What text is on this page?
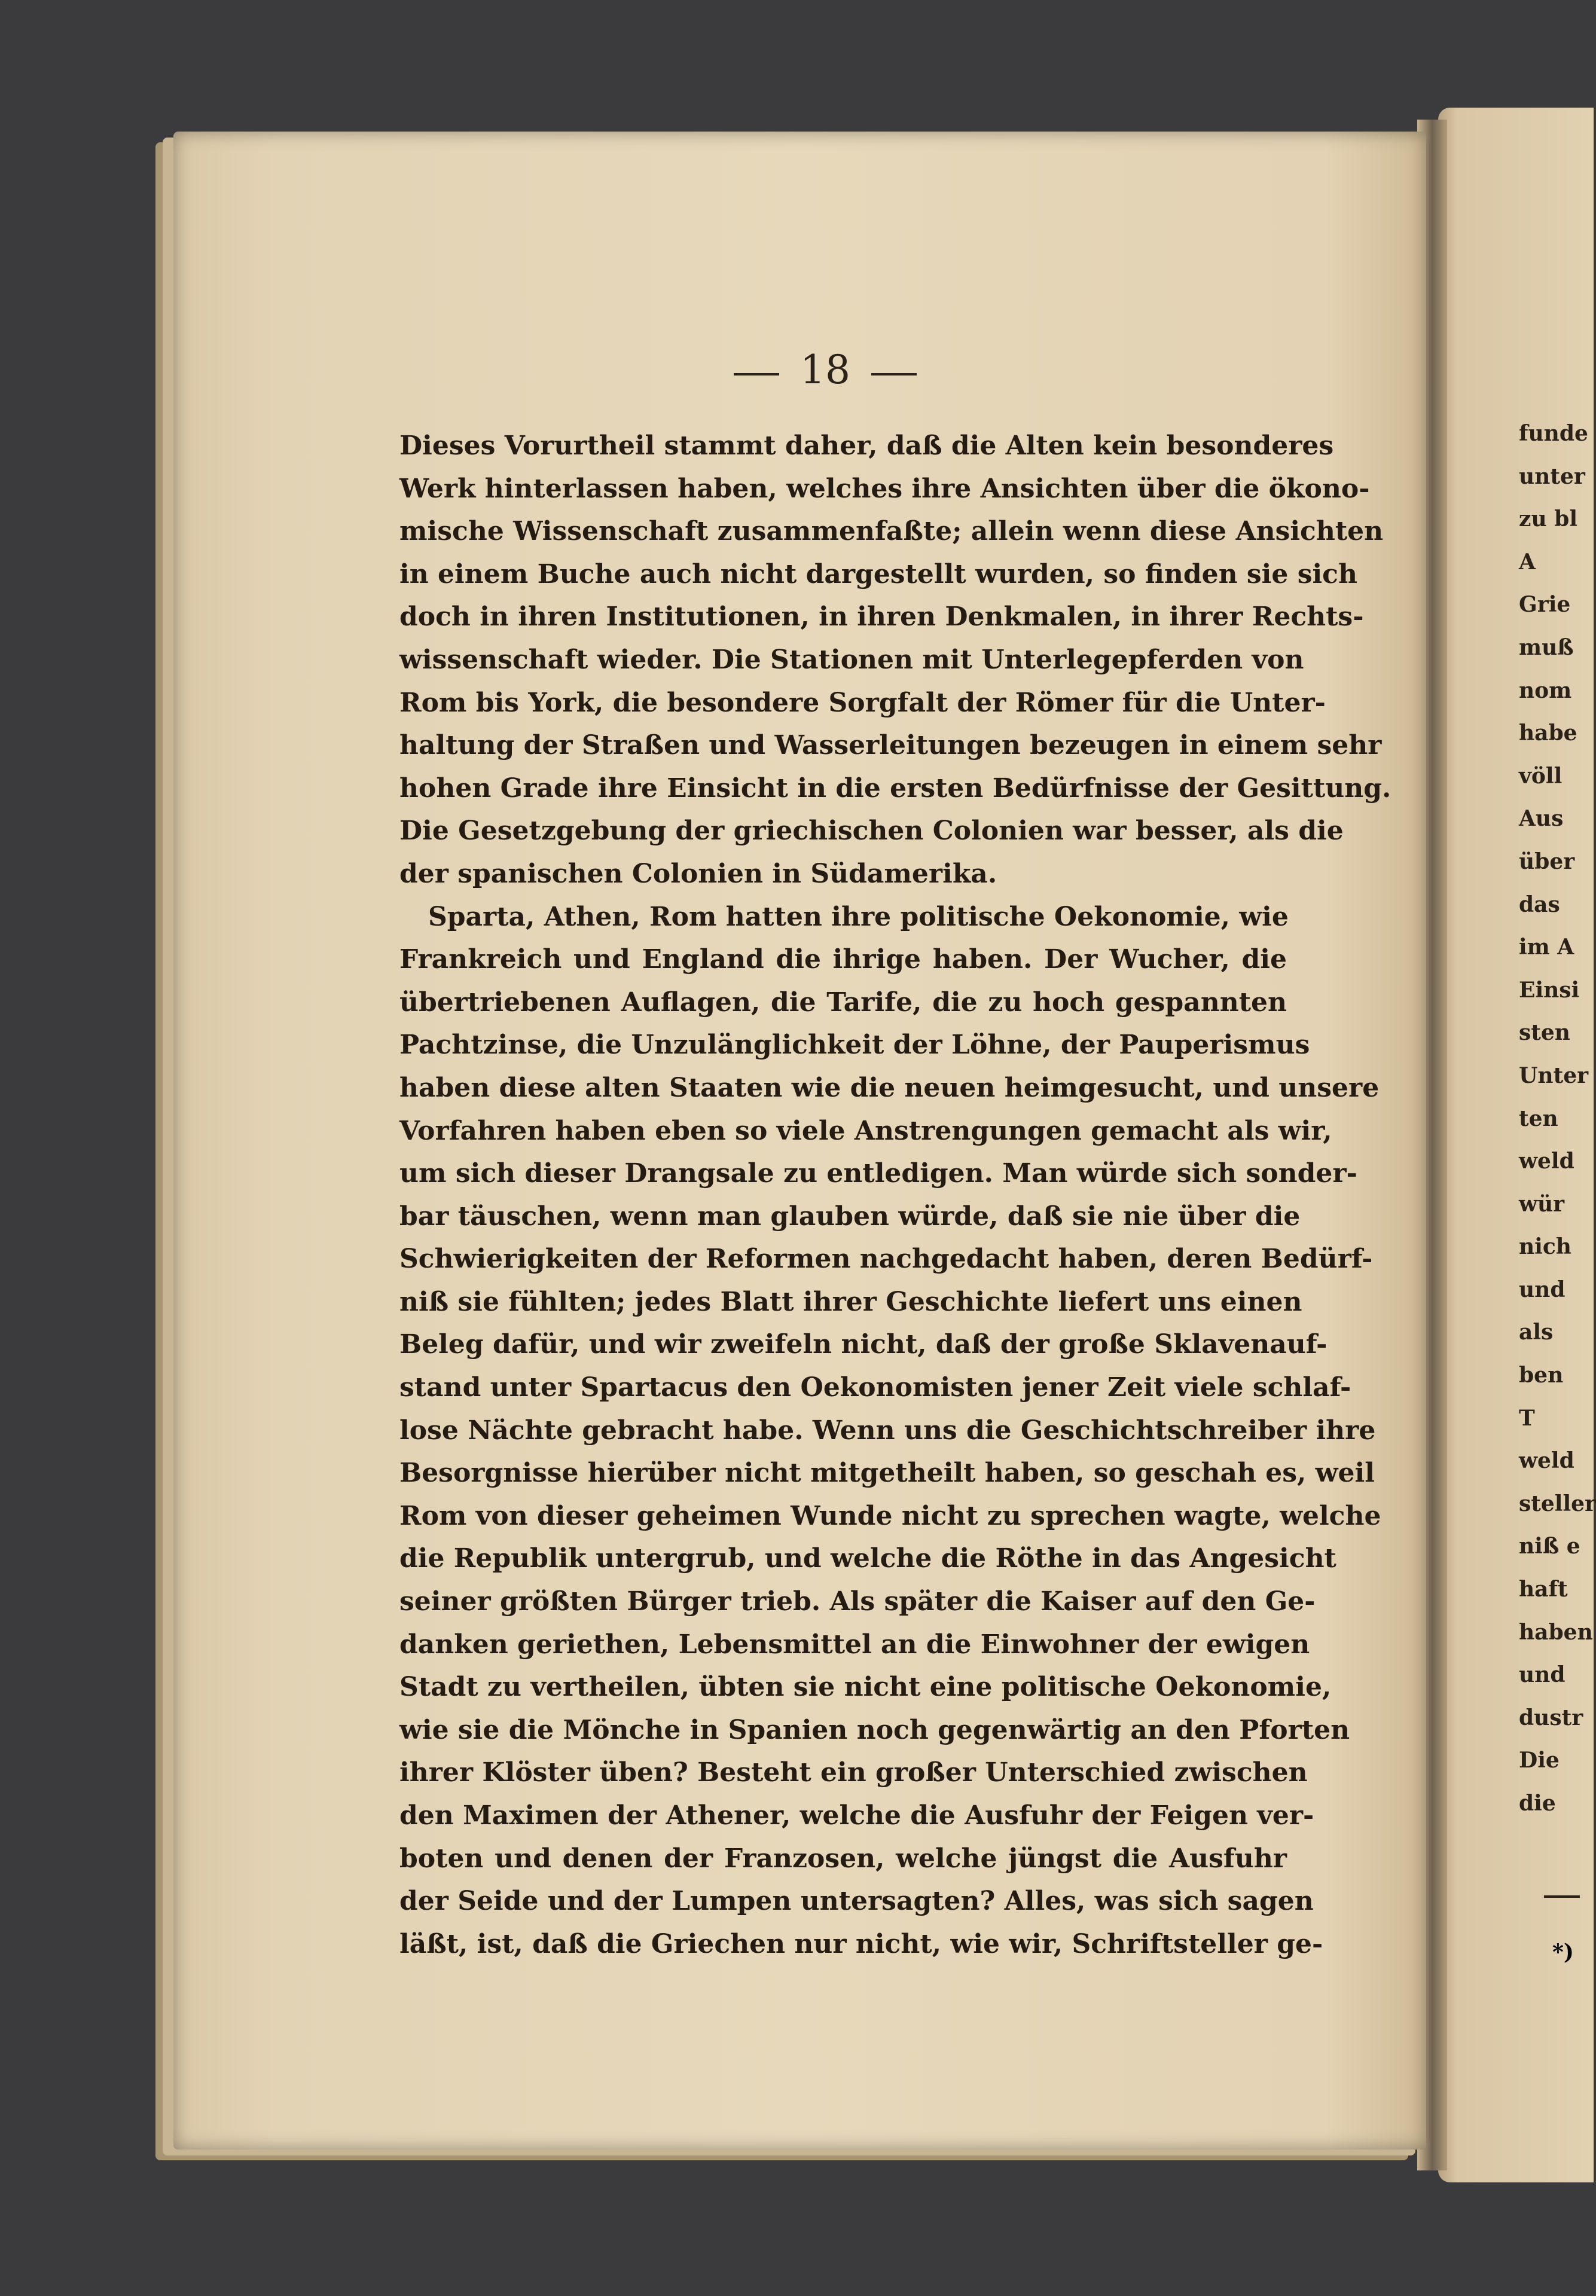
18
Dieses Vorurtheil stammt daher, daß die Alten kein besonderes
Werk hinterlassen haben, welches ihre Ansichten über die ökono-
mische Wissenschaft zusammenfaßte; allein wenn diese Ansichten
in einem Buche auch nicht dargestellt wurden, so finden sie sich
doch in ihren Institutionen, in ihren Denkmalen, in ihrer Rechts-
wissenschaft wieder. Die Stationen mit Unterlegepferden von
Rom bis York, die besondere Sorgfalt der Römer für die Unter-
haltung der Straßen und Wasserleitungen bezeugen in einem sehr
hohen Grade ihre Einsicht in die ersten Bedürfnisse der Gesittung.
Die Gesetzgebung der griechischen Colonien war besser, als die
der spanischen Colonien in Südamerika.
Sparta, Athen, Rom hatten ihre politische Oekonomie, wie
Frankreich und England die ihrige haben. Der Wucher, die
übertriebenen Auflagen, die Tarife, die zu hoch gespannten
Pachtzinse, die Unzulänglichkeit der Löhne, der Pauperismus
haben diese alten Staaten wie die neuen heimgesucht, und unsere
Vorfahren haben eben so viele Anstrengungen gemacht als wir,
um sich dieser Drangsale zu entledigen. Man würde sich sonder-
bar täuschen, wenn man glauben würde, daß sie nie über die
Schwierigkeiten der Reformen nachgedacht haben, deren Bedürf-
niß sie fühlten; jedes Blatt ihrer Geschichte liefert uns einen
Beleg dafür, und wir zweifeln nicht, daß der große Sklavenauf-
stand unter Spartacus den Oekonomisten jener Zeit viele schlaf-
lose Nächte gebracht habe. Wenn uns die Geschichtschreiber ihre
Besorgnisse hierüber nicht mitgetheilt haben, so geschah es, weil
Rom von dieser geheimen Wunde nicht zu sprechen wagte, welche
die Republik untergrub, und welche die Röthe in das Angesicht
seiner größten Bürger trieb. Als später die Kaiser auf den Ge-
danken geriethen, Lebensmittel an die Einwohner der ewigen
Stadt zu vertheilen, übten sie nicht eine politische Oekonomie,
wie sie die Mönche in Spanien noch gegenwärtig an den Pforten
ihrer Klöster üben? Besteht ein großer Unterschied zwischen
den Maximen der Athener, welche die Ausfuhr der Feigen ver-
boten und denen der Franzosen, welche jüngst die Ausfuhr
der Seide und der Lumpen untersagten? Alles, was sich sagen
läßt, ist, daß die Griechen nur nicht, wie wir, Schriftsteller ge-
funde
unter
zu bl
A
Grie
muß
nom
habe
völl
Aus
über
das
im A
Einsi
sten
Unter
ten
weld
wür
nich
und
als
ben
T
weld
steller
niß e
haft
haben
und
dustr
Die
die
*)
